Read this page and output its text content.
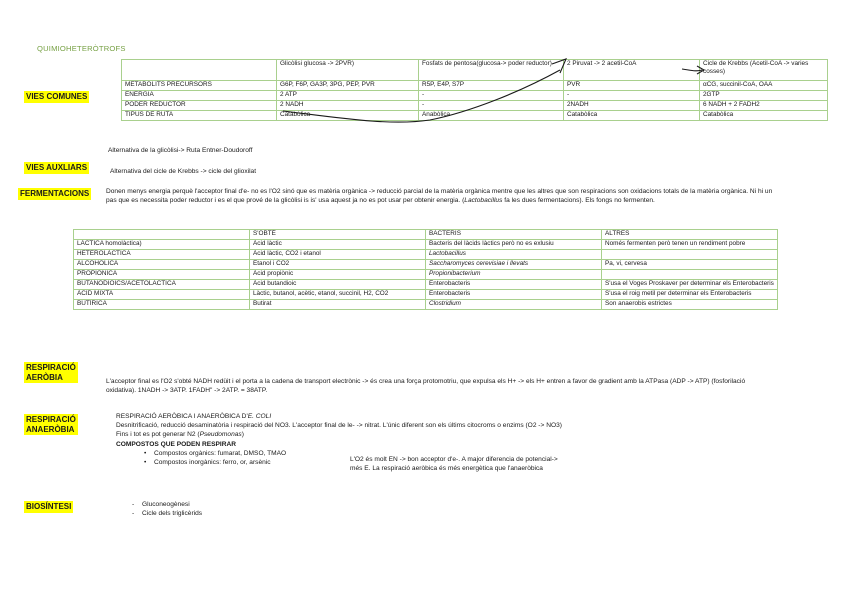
QUIMIOHETERÒTROFS
VIES COMUNES
VIES AUXLIARS
FERMENTACIONS
RESPIRACIÓ
AERÒBIA
RESPIRACIÓ
ANAERÒBIA
BIOSÍNTESI
	Glicòlisi glucosa -> 2PVR)	Fosfats de pentosa(glucosa-> poder reductor)	2 Piruvat -> 2 acetil-CoA	Cicle de Krebbs (Acetil-CoA -> varies cosses)
METABÒLITS PRECURSORS	G6P, F6P, GA3P, 3PG, PEP, PVR	R5P, E4P, S7P	PVR	αCG, succinil-CoA, OAA
ENERGIA	2 ATP	-	-	2GTP
PODER REDUCTOR	2 NADH	-	2NADH	6 NADH + 2 FADH2
TIPUS DE RUTA	Catabòlica	Anabòlica	Catabòlica	Catabòlica
Alternativa de la glicòlisi-> Ruta Entner-Doudoroff
Alternativa del cicle de Krebbs -> cicle del glioxilat
Donen menys energia perquè l'acceptor final d'e- no es l'O2 sinó que es matèria orgànica -> reducció parcial de la matèria orgànica mentre que les altres que son respiracions son oxidacions totals de la matèria orgànica. Ni hi un pas que es necessita poder reductor i es el que prové de la glicòlisi is is' usa aquest ja no es pot usar per obtenir energia. (Lactobacillus fa les dues fermentacions). Els fongs no fermenten.
	S'OBTÉ	BACTERIS	ALTRES
LÀCTICA homolàctica)	Àcid làctic	Bacteris del làcids làctics però no es exlusiu	Només fermenten però tenen un rendiment pobre
HETEROLÀCTICA	Àcid làctic, CO2 i etanol	Lactobacillus	
ALCOHÒLICA	Etanol i CO2	Saccharomyces cerevisiae i llevats	Pa, vi, cervesa
PROPIÒNICA	Àcid propiònic	Propionibacterium	
BUTANODIOICS/ACETOLACTICA	Àcid butandioic	Enterobacteris	S'usa el Voges Proskaver per determinar els Enterobacteris
ÀCID MIXTA	Làctic, butanol, acètic, etanol, succinil, H2, CO2	Enterobacteris	S'usa el roig metil per determinar els Enterobacteris
BUTÍRICA	Butirat	Clostridium	Son anaerobis estrictes
L'acceptor final es l'O2 s'obté NADH redüit i el porta a la cadena de transport electrònic -> és crea una força protomotriu, que expulsa els H+ -> els H+ entren a favor de gradient amb la ATPasa (ADP -> ATP) (fosforilació oxidativa). 1NADH -> 3ATP. 1FADH" -> 2ATP. = 38ATP.
RESPIRACIÓ AERÒBICA I ANAERÒBICA D'E. COLI
Desnitrificació, reducció desaminatòria i respiració del NO3. L'acceptor final de le- -> nitrat. L'únic diferent son els últims citocroms o enzims (O2 -> NO3)
Fins i tot es pot generar N2 (Pseudomonas)
COMPOSTOS QUE PODEN RESPIRAR
• Compostos orgànics: fumarat, DMSO, TMAO
• Compostos inorgànics: ferro, or, arsènic	L'O2 és molt EN -> bon acceptor d'e-. A major diferencia de potencial->
més E. La respiració aeròbica és més energètica que l'anaeròbica
- Gluconeogènesi
- Cicle dels triglicèrids
